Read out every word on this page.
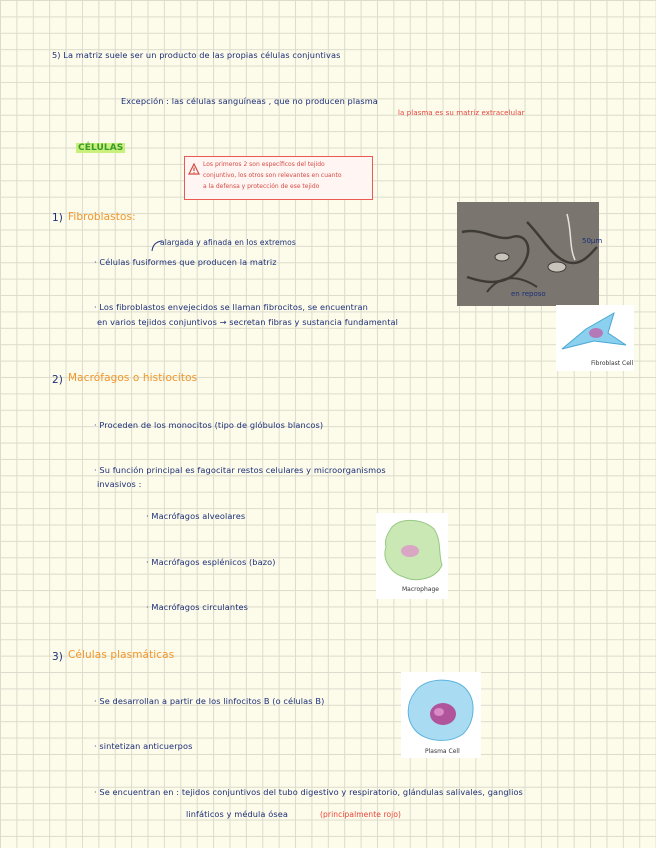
5) La matriz suele ser un producto de las propias células conjuntivas
Excepción : las células sanguíneas , que no producen plasma
la plasma es su matriz extracelular
CÉLULAS
Los primeros 2 son específicos del tejido
conjuntivo, los otros son relevantes en cuanto
a la defensa y protección de ese tejido
1) Fibroblastos:
alargada y afinada en los extremos
· Células fusiformes que producen la matriz
· Los fibroblastos envejecidos se llaman fibrocitos, se encuentran
en varios tejidos conjuntivos → secretan fibras y sustancia fundamental
50μm
en reposo
Fibroblast Cell
2) Macrófagos o histiocitos
· Proceden de los monocitos (tipo de glóbulos blancos)
· Su función principal es fagocitar restos celulares y microorganismos
invasivos :
· Macrófagos alveolares
· Macrófagos esplénicos (bazo)
· Macrófagos circulantes
Macrophage
3) Células plasmáticas
· Se desarrollan a partir de los linfocitos B (o células B)
· sintetizan anticuerpos
· Se encuentran en : tejidos conjuntivos del tubo digestivo y respiratorio, glándulas salivales, ganglios
linfáticos y médula ósea	(principalmente rojo)
Plasma Cell
